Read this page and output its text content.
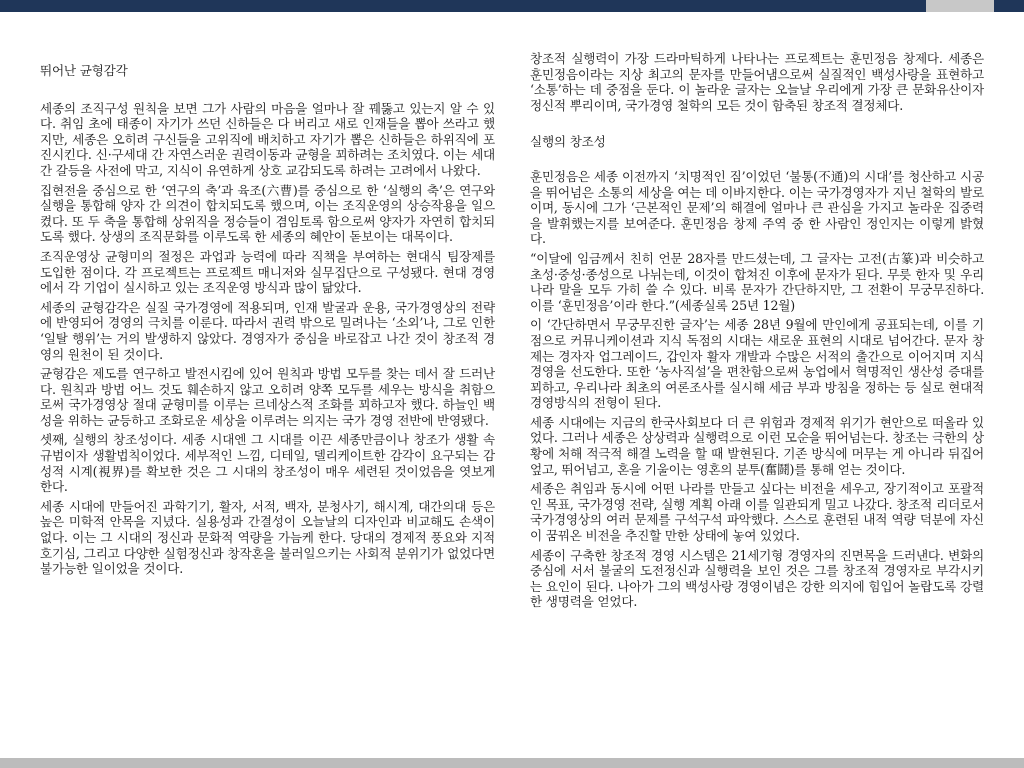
뛰어난 균형감각

세종의 조직구성 원칙을 보면 그가 사람의 마음을 얼마나 잘 꿰뚫고 있는지 알 수 있다. 취임 초에 태종이 자기가 쓰던 신하들은 다 버리고 새로 인재들을 뽑아 쓰라고 했지만, 세종은 오히려 구신들을 고위직에 배치하고 자기가 뽑은 신하들은 하위직에 포진시킨다. 신·구세대 간 자연스러운 권력이동과 균형을 꾀하려는 조치였다. 이는 세대 간 갈등을 사전에 막고, 지식이 유연하게 상호 교감되도록 하려는 고려에서 나왔다.

집현전을 중심으로 한 ‘연구의 축’과 육조(六曹)를 중심으로 한 ‘실행의 축’은 연구와 실행을 통합해 양자 간 의견이 합치되도록 했으며, 이는 조직운영의 상승작용을 일으켰다. 또 두 축을 통합해 상위직을 정승들이 겸임토록 함으로써 양자가 자연히 합치되도록 했다. 상생의 조직문화를 이루도록 한 세종의 혜안이 돋보이는 대목이다.

조직운영상 균형미의 절정은 과업과 능력에 따라 직책을 부여하는 현대식 팀장제를 도입한 점이다. 각 프로젝트는 프로젝트 매니저와 실무집단으로 구성됐다. 현대 경영에서 각 기업이 실시하고 있는 조직운영 방식과 많이 닮았다.

세종의 균형감각은 실질 국가경영에 적용되며, 인재 발굴과 운용, 국가경영상의 전략에 반영되어 경영의 극치를 이룬다. 따라서 권력 밖으로 밀려나는 ‘소외’나, 그로 인한 ‘일탈 행위’는 거의 발생하지 않았다. 경영자가 중심을 바로잡고 나간 것이 창조적 경영의 원천이 된 것이다.

균형감은 제도를 연구하고 발전시킴에 있어 원칙과 방법 모두를 찾는 데서 잘 드러난다. 원칙과 방법 어느 것도 훼손하지 않고 오히려 양쪽 모두를 세우는 방식을 취함으로써 국가경영상 절대 균형미를 이루는 르네상스적 조화를 꾀하고자 했다. 하늘인 백성을 위하는 균등하고 조화로운 세상을 이루려는 의지는 국가 경영 전반에 반영됐다.

셋째, 실행의 창조성이다. 세종 시대엔 그 시대를 이끈 세종만큼이나 창조가 생활 속 규범이자 생활법칙이었다. 세부적인 느낌, 디테일, 델리케이트한 감각이 요구되는 감성적 시계(視界)를 확보한 것은 그 시대의 창조성이 매우 세련된 것이었음을 엿보게 한다.

세종 시대에 만들어진 과학기기, 활자, 서적, 백자, 분청사기, 해시계, 대간의대 등은 높은 미학적 안목을 지녔다. 실용성과 간결성이 오늘날의 디자인과 비교해도 손색이 없다. 이는 그 시대의 정신과 문화적 역량을 가늠케 한다. 당대의 경제적 풍요와 지적 호기심, 그리고 다양한 실험정신과 창작혼을 불러일으키는 사회적 분위기가 없었다면 불가능한 일이었을 것이다.

창조적 실행력이 가장 드라마틱하게 나타나는 프로젝트는 훈민정음 창제다. 세종은 훈민정음이라는 지상 최고의 문자를 만들어냄으로써 실질적인 백성사랑을 표현하고 ‘소통’하는 데 중점을 둔다. 이 놀라운 글자는 오늘날 우리에게 가장 큰 문화유산이자 정신적 뿌리이며, 국가경영 철학의 모든 것이 함축된 창조적 결정체다.

실행의 창조성

훈민정음은 세종 이전까지 ‘치명적인 짐’이었던 ‘불통(不通)의 시대’를 청산하고 시공을 뛰어넘은 소통의 세상을 여는 데 이바지한다. 이는 국가경영자가 지닌 철학의 발로이며, 동시에 그가 ‘근본적인 문제’의 해결에 얼마나 큰 관심을 가지고 놀라운 집중력을 발휘했는지를 보여준다. 훈민정음 창제 주역 중 한 사람인 정인지는 이렇게 밝혔다.

“이달에 임금께서 친히 언문 28자를 만드셨는데, 그 글자는 고전(古篆)과 비슷하고 초성·중성·종성으로 나뉘는데, 이것이 합쳐진 이후에 문자가 된다. 무릇 한자 및 우리나라 말을 모두 가히 쓸 수 있다. 비록 문자가 간단하지만, 그 전환이 무궁무진하다. 이를 ‘훈민정음’이라 한다.”(세종실록 25년 12월)

이 ‘간단하면서 무궁무진한 글자’는 세종 28년 9월에 만인에게 공표되는데, 이를 기점으로 커뮤니케이션과 지식 독점의 시대는 새로운 표현의 시대로 넘어간다. 문자 창제는 경자자 업그레이드, 갑인자 활자 개발과 수많은 서적의 출간으로 이어지며 지식경영을 선도한다. 또한 ‘농사직설’을 편찬함으로써 농업에서 혁명적인 생산성 증대를 꾀하고, 우리나라 최초의 여론조사를 실시해 세금 부과 방침을 정하는 등 실로 현대적 경영방식의 전형이 된다.

세종 시대에는 지금의 한국사회보다 더 큰 위험과 경제적 위기가 현안으로 떠올라 있었다. 그러나 세종은 상상력과 실행력으로 이런 모순을 뛰어넘는다. 창조는 극한의 상황에 처해 적극적 해결 노력을 할 때 발현된다. 기존 방식에 머무는 게 아니라 뒤집어엎고, 뛰어넘고, 혼을 기울이는 영혼의 분투(奮鬪)를 통해 얻는 것이다.

세종은 취임과 동시에 어떤 나라를 만들고 싶다는 비전을 세우고, 장기적이고 포괄적인 목표, 국가경영 전략, 실행 계획 아래 이를 일관되게 밀고 나갔다. 창조적 리더로서 국가경영상의 여러 문제를 구석구석 파악했다. 스스로 훈련된 내적 역량 덕분에 자신이 꿈꿔온 비전을 추진할 만한 상태에 놓여 있었다.

세종이 구축한 창조적 경영 시스템은 21세기형 경영자의 진면목을 드러낸다. 변화의 중심에 서서 불굴의 도전정신과 실행력을 보인 것은 그를 창조적 경영자로 부각시키는 요인이 된다. 나아가 그의 백성사랑 경영이념은 강한 의지에 힘입어 놀랍도록 강렬한 생명력을 얻었다.
